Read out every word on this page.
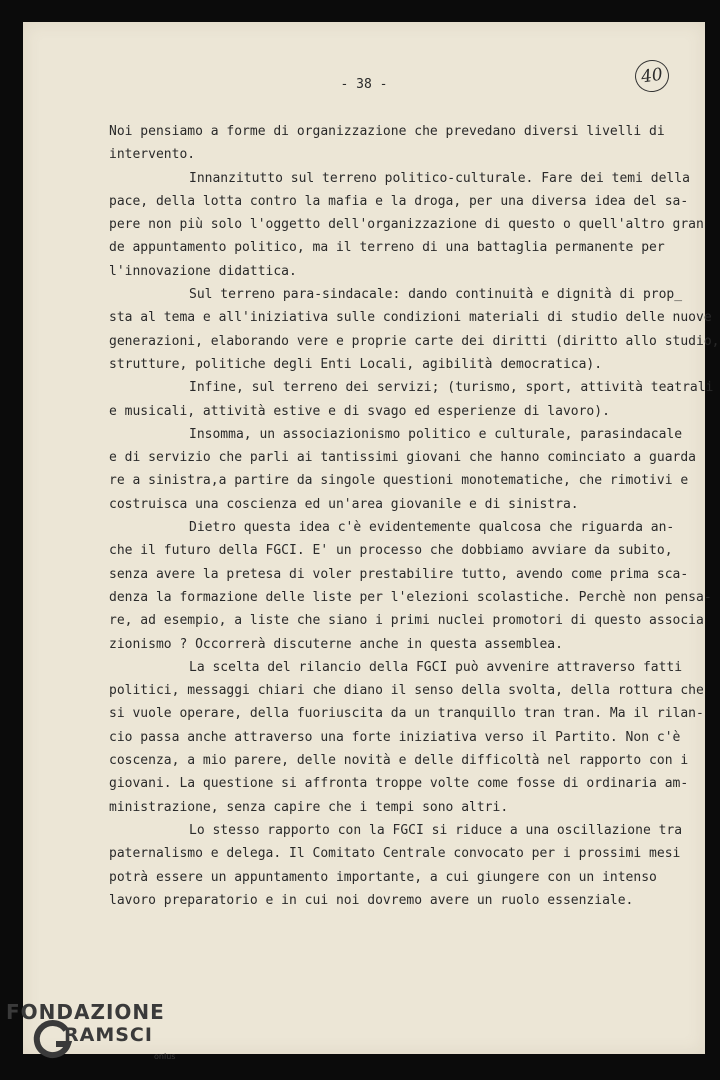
- 38 -	40
Noi pensiamo a forme di organizzazione che prevedano diversi livelli di
intervento.
Innanzitutto sul terreno politico-culturale. Fare dei temi della
pace, della lotta contro la mafia e la droga, per una diversa idea del sa-
pere non più solo l'oggetto dell'organizzazione di questo o quell'altro gran
de appuntamento politico, ma il terreno di una battaglia permanente per
l'innovazione didattica.
Sul terreno para-sindacale: dando continuità e dignità di prop_
sta al tema e all'iniziativa sulle condizioni materiali di studio delle nuove
generazioni, elaborando vere e proprie carte dei diritti (diritto allo studio,
strutture, politiche degli Enti Locali, agibilità democratica).
Infine, sul terreno dei servizi; (turismo, sport, attività teatrali
e musicali, attività estive e di svago ed esperienze di lavoro).
Insomma, un associazionismo politico e culturale, parasindacale
e di servizio che parli ai tantissimi giovani che hanno cominciato a guarda
re a sinistra,a partire da singole questioni monotematiche, che rimotivi e
costruisca una coscienza ed un'area giovanile e di sinistra.
Dietro questa idea c'è evidentemente qualcosa che riguarda an-
che il futuro della FGCI. E' un processo che dobbiamo avviare da subito,
senza avere la pretesa di voler prestabilire tutto, avendo come prima sca-
denza la formazione delle liste per l'elezioni scolastiche. Perchè non pensa-
re, ad esempio, a liste che siano i primi nuclei promotori di questo associa
zionismo ? Occorrerà discuterne anche in questa assemblea.
La scelta del rilancio della FGCI può avvenire attraverso fatti
politici, messaggi chiari che diano il senso della svolta, della rottura che
si vuole operare, della fuoriuscita da un tranquillo tran tran. Ma il rilan-
cio passa anche attraverso una forte iniziativa verso il Partito. Non c'è
coscenza, a mio parere, delle novità e delle difficoltà nel rapporto con i
giovani. La questione si affronta troppe volte come fosse di ordinaria am-
ministrazione, senza capire che i tempi sono altri.
Lo stesso rapporto con la FGCI si riduce a una oscillazione tra
paternalismo e delega. Il Comitato Centrale convocato per i prossimi mesi
potrà essere un appuntamento importante, a cui giungere con un intenso
lavoro preparatorio e in cui noi dovremo avere un ruolo essenziale.
FONDAZIONE
RAMSCI
onlus
